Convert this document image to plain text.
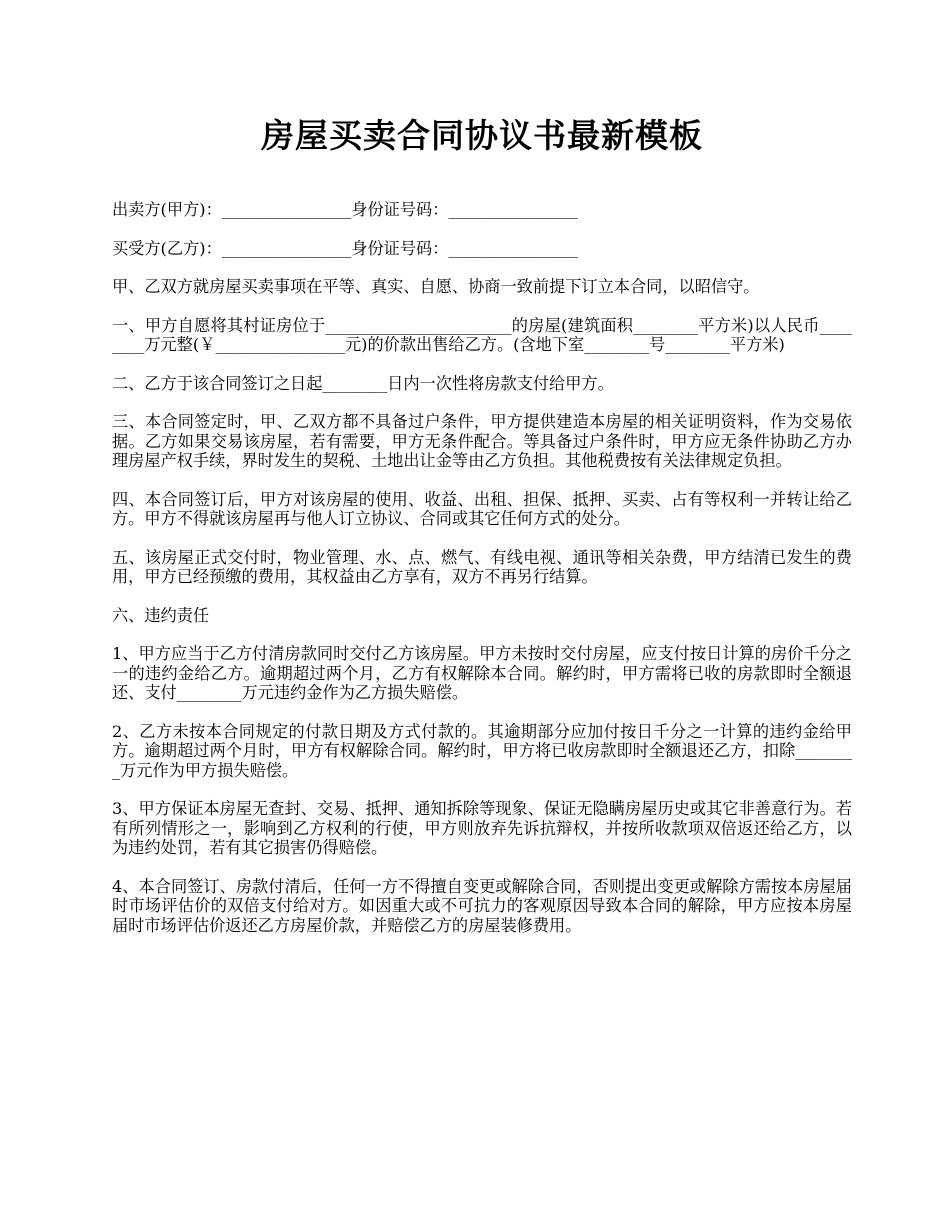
房屋买卖合同协议书最新模板

出卖方(甲方)：________________身份证号码：________________

买受方(乙方)：________________身份证号码：________________

甲、乙双方就房屋买卖事项在平等、真实、自愿、协商一致前提下订立本合同，以昭信守。

一、甲方自愿将其村证房位于_______________________的房屋(建筑面积________平方米)以人民币________万元整(￥________________元)的价款出售给乙方。(含地下室________号________平方米)

二、乙方于该合同签订之日起________日内一次性将房款支付给甲方。

三、本合同签定时，甲、乙双方都不具备过户条件，甲方提供建造本房屋的相关证明资料，作为交易依据。乙方如果交易该房屋，若有需要，甲方无条件配合。等具备过户条件时，甲方应无条件协助乙方办理房屋产权手续，界时发生的契税、土地出让金等由乙方负担。其他税费按有关法律规定负担。

四、本合同签订后，甲方对该房屋的使用、收益、出租、担保、抵押、买卖、占有等权利一并转让给乙方。甲方不得就该房屋再与他人订立协议、合同或其它任何方式的处分。

五、该房屋正式交付时，物业管理、水、点、燃气、有线电视、通讯等相关杂费，甲方结清已发生的费用，甲方已经预缴的费用，其权益由乙方享有，双方不再另行结算。

六、违约责任

1、甲方应当于乙方付清房款同时交付乙方该房屋。甲方未按时交付房屋，应支付按日计算的房价千分之一的违约金给乙方。逾期超过两个月，乙方有权解除本合同。解约时，甲方需将已收的房款即时全额退还、支付________万元违约金作为乙方损失赔偿。

2、乙方未按本合同规定的付款日期及方式付款的。其逾期部分应加付按日千分之一计算的违约金给甲方。逾期超过两个月时，甲方有权解除合同。解约时，甲方将已收房款即时全额退还乙方，扣除________万元作为甲方损失赔偿。

3、甲方保证本房屋无查封、交易、抵押、通知拆除等现象、保证无隐瞒房屋历史或其它非善意行为。若有所列情形之一，影响到乙方权利的行使，甲方则放弃先诉抗辩权，并按所收款项双倍返还给乙方，以为违约处罚，若有其它损害仍得赔偿。

4、本合同签订、房款付清后，任何一方不得擅自变更或解除合同，否则提出变更或解除方需按本房屋届时市场评估价的双倍支付给对方。如因重大或不可抗力的客观原因导致本合同的解除，甲方应按本房屋届时市场评估价返还乙方房屋价款，并赔偿乙方的房屋装修费用。
